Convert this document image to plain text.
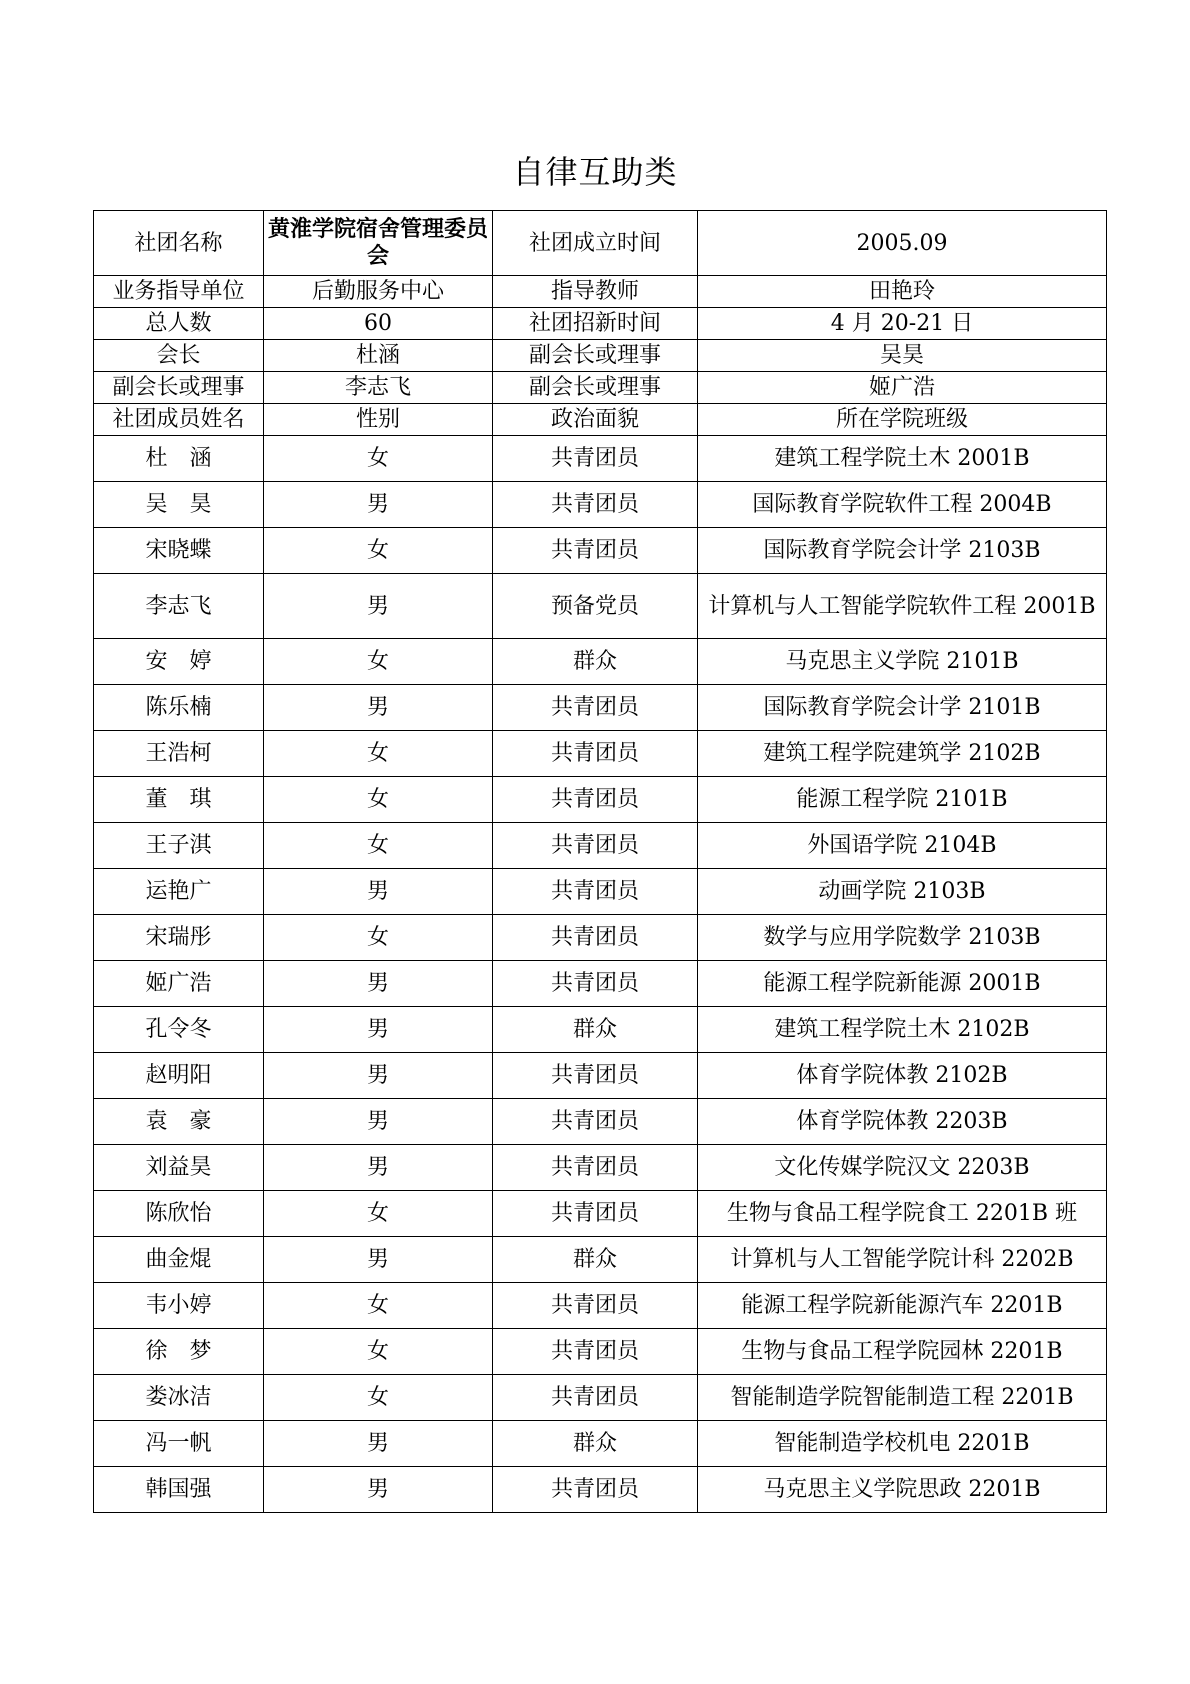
自律互助类
社团名称	黄淮学院宿舍管理委员会	社团成立时间	2005.09
业务指导单位	后勤服务中心	指导教师	田艳玲
总人数	60	社团招新时间	4 月 20-21 日
会长	杜涵	副会长或理事	吴昊
副会长或理事	李志飞	副会长或理事	姬广浩
社团成员姓名	性别	政治面貌	所在学院班级
杜　涵	女	共青团员	建筑工程学院土木 2001B
吴　昊	男	共青团员	国际教育学院软件工程 2004B
宋晓蝶	女	共青团员	国际教育学院会计学 2103B
李志飞	男	预备党员	计算机与人工智能学院软件工程 2001B
安　婷	女	群众	马克思主义学院 2101B
陈乐楠	男	共青团员	国际教育学院会计学 2101B
王浩柯	女	共青团员	建筑工程学院建筑学 2102B
董　琪	女	共青团员	能源工程学院 2101B
王子淇	女	共青团员	外国语学院 2104B
运艳广	男	共青团员	动画学院 2103B
宋瑞彤	女	共青团员	数学与应用学院数学 2103B
姬广浩	男	共青团员	能源工程学院新能源 2001B
孔令冬	男	群众	建筑工程学院土木 2102B
赵明阳	男	共青团员	体育学院体教 2102B
袁　豪	男	共青团员	体育学院体教 2203B
刘益昊	男	共青团员	文化传媒学院汉文 2203B
陈欣怡	女	共青团员	生物与食品工程学院食工 2201B 班
曲金焜	男	群众	计算机与人工智能学院计科 2202B
韦小婷	女	共青团员	能源工程学院新能源汽车 2201B
徐　梦	女	共青团员	生物与食品工程学院园林 2201B
娄冰洁	女	共青团员	智能制造学院智能制造工程 2201B
冯一帆	男	群众	智能制造学校机电 2201B
韩国强	男	共青团员	马克思主义学院思政 2201B
